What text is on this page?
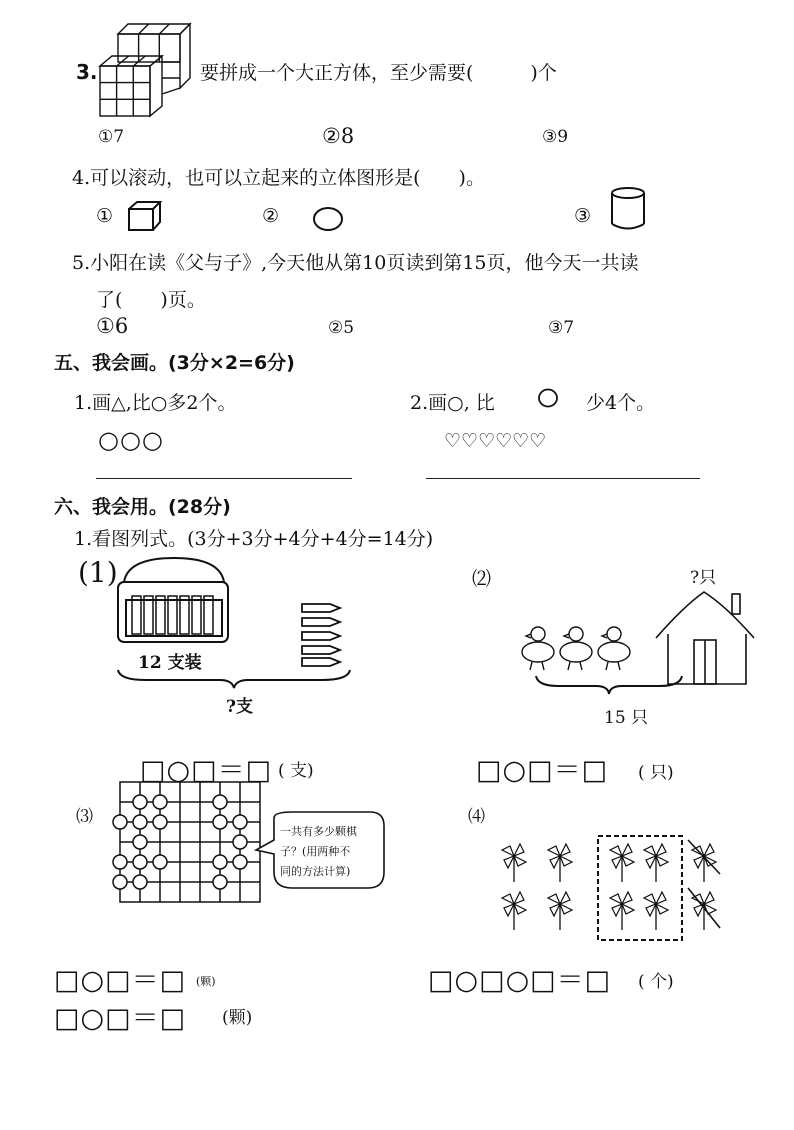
3.	要拼成一个大正方体，至少需要(　　　)个
①7	②8	③9
4.可以滚动，也可以立起来的立体图形是(　　)。
①	②	③
5.小阳在读《父与子》,今天他从第10页读到第15页，他今天一共读
了(　　)页。
①6	②5	③7
五、我会画。(3分×2=6分)
1.画△,比○多2个。
○○○
2.画○, 比	少4个。
♡♡♡♡♡♡
六、我会用。(28分)
1.看图列式。(3分+3分+4分+4分=14分)
(1)
12 支装
?支
□○□＝□ ( 支)
⑵	?只
15 只
□○□＝□ ( 只)
⑶
一共有多少颗棋
子？(用两种不
同的方法计算)
□○□＝□ (颗)
□○□＝□ (颗)
⑷
□○□○□＝□ ( 个)
